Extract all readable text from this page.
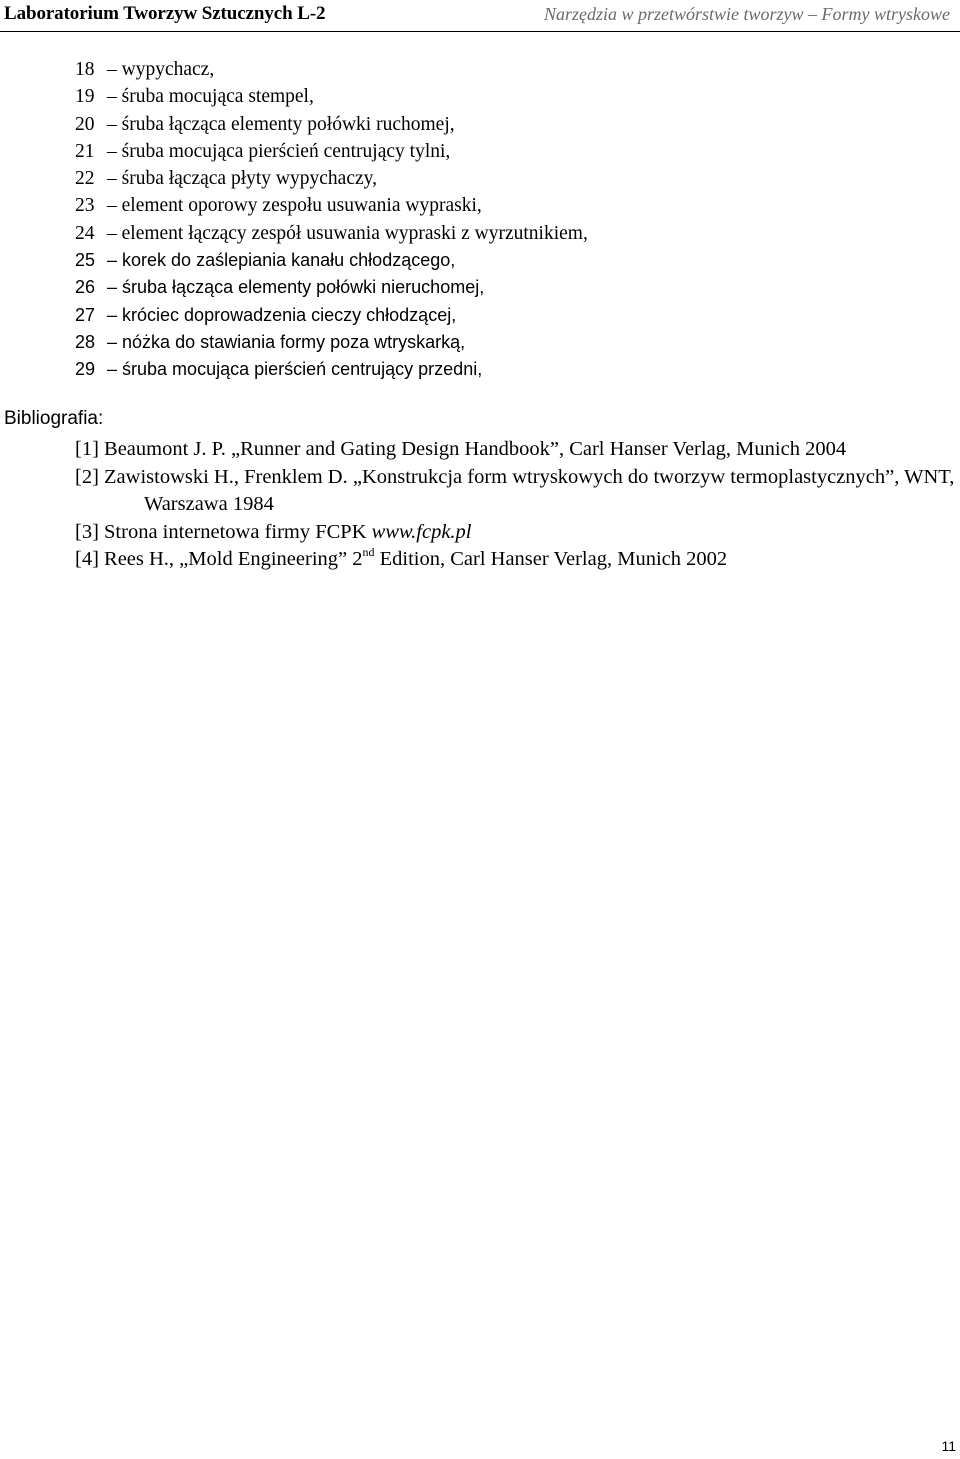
Laboratorium Tworzyw Sztucznych L-2	Narzędzia w przetwórstwie tworzyw – Formy wtryskowe
18 – wypychacz,
19 – śruba mocująca stempel,
20 – śruba łącząca elementy połówki ruchomej,
21 – śruba mocująca pierścień centrujący tylni,
22 – śruba łącząca płyty wypychaczy,
23 – element oporowy zespołu usuwania wypraski,
24 – element łączący zespół usuwania wypraski z wyrzutnikiem,
25 – korek do zaślepiania kanału chłodzącego,
26 – śruba łącząca elementy połówki nieruchomej,
27 – króciec doprowadzenia cieczy chłodzącej,
28 – nóżka do stawiania formy poza wtryskarką,
29 – śruba mocująca pierścień centrujący przedni,
Bibliografia:
[1] Beaumont J. P. „Runner and Gating Design Handbook”, Carl Hanser Verlag, Munich 2004
[2] Zawistowski H., Frenklem D. „Konstrukcja form wtryskowych do tworzyw termoplastycznych”, WNT, Warszawa 1984
[3] Strona internetowa firmy FCPK www.fcpk.pl
[4] Rees H., „Mold Engineering” 2nd Edition, Carl Hanser Verlag, Munich 2002
11
